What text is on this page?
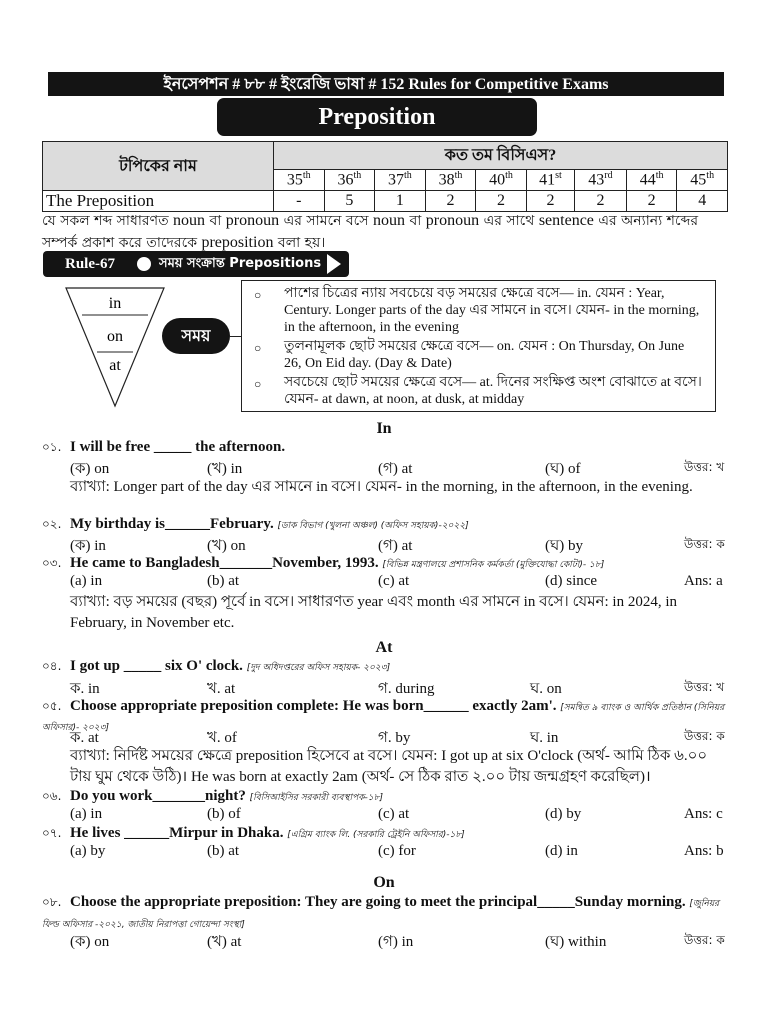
ইনসেপশন # ৮৮ # ইংরেজি ভাষা # 152 Rules for Competitive Exams
Preposition
টপিকের নাম	কত তম বিসিএস?								
	35th	36th	37th	38th	40th	41st	43rd	44th	45th
The Preposition	-	5	1	2	2	2	2	2	4
যে সকল শব্দ সাধারণত noun বা pronoun এর সামনে বসে noun বা pronoun এর সাথে sentence এর অন্যান্য শব্দের সম্পর্ক প্রকাশ করে তাদেরকে preposition বলা হয়।
Rule-67	সময় সংক্রান্ত Prepositions
in
on
at
সময়
○ পাশের চিত্রের ন্যায় সবচেয়ে বড় সময়ের ক্ষেত্রে বসে— in. যেমন : Year, Century. Longer parts of the day এর সামনে in বসে। যেমন- in the morning, in the afternoon, in the evening
○ তুলনামূলক ছোট সময়ের ক্ষেত্রে বসে— on. যেমন : On Thursday, On June 26, On Eid day. (Day & Date)
○ সবচেয়ে ছোট সময়ের ক্ষেত্রে বসে— at. দিনের সংক্ষিপ্ত অংশ বোঝাতে at বসে। যেমন- at dawn, at noon, at dusk, at midday
In
০১. I will be free _____ the afternoon.
(ক) on	(খ) in	(গ) at	(ঘ) of	উত্তর: খ
ব্যাখ্যা: Longer part of the day এর সামনে in বসে। যেমন- in the morning, in the afternoon, in the evening.
০২. My birthday is______February. [ডাক বিভাগ (খুলনা অঞ্চল) (অফিস সহায়ক)-২০২২]
(ক) in	(খ) on	(গ) at	(ঘ) by	উত্তর: ক
০৩. He came to Bangladesh_______November, 1993. [বিভিন্ন মন্ত্রণালয়ে প্রশাসনিক কর্মকর্তা (মুক্তিযোদ্ধা কোটা)- ১৮]
(a) in	(b) at	(c) at	(d) since	Ans: a
ব্যাখ্যা: বড় সময়ের (বছর) পূর্বে in বসে। সাধারণত year এবং month এর সামনে in বসে। যেমন: in 2024, in February, in November etc.
At
০৪. I got up _____ six O' clock. [দুদ অধিদপ্তরের অফিস সহায়ক- ২০২৩]
ক. in	খ. at	গ. during	ঘ. on	উত্তর: খ
০৫. Choose appropriate preposition complete: He was born______ exactly 2am'. [সমন্বিত ৯ ব্যাংক ও আর্থিক প্রতিষ্ঠান (সিনিয়র অফিসার)- ২০২৩]
ক. at	খ. of	গ. by	ঘ. in	উত্তর: ক
ব্যাখ্যা: নির্দিষ্ট সময়ের ক্ষেত্রে preposition হিসেবে at বসে। যেমন: I got up at six O'clock (অর্থ- আমি ঠিক ৬.০০ টায় ঘুম থেকে উঠি)। He was born at exactly 2am (অর্থ- সে ঠিক রাত ২.০০ টায় জন্মগ্রহণ করেছিল)।
০৬. Do you work_______night? [বিসিআইসির সরকারী ব্যবস্থাপক-১৮]
(a) in	(b) of	(c) at	(d) by	Ans: c
০৭. He lives ______Mirpur in Dhaka. [এগ্রিম ব্যাংক লি. (সরকারি ট্রেইনি অফিসার)-১৮]
(a) by	(b) at	(c) for	(d) in	Ans: b
On
০৮. Choose the appropriate preposition: They are going to meet the principal_____Sunday morning. [জুনিয়র ফিল্ড অফিসার -২০২১, জাতীয় নিরাপত্তা গোয়েন্দা সংস্থা]
(ক) on	(খ) at	(গ) in	(ঘ) within	উত্তর: ক
